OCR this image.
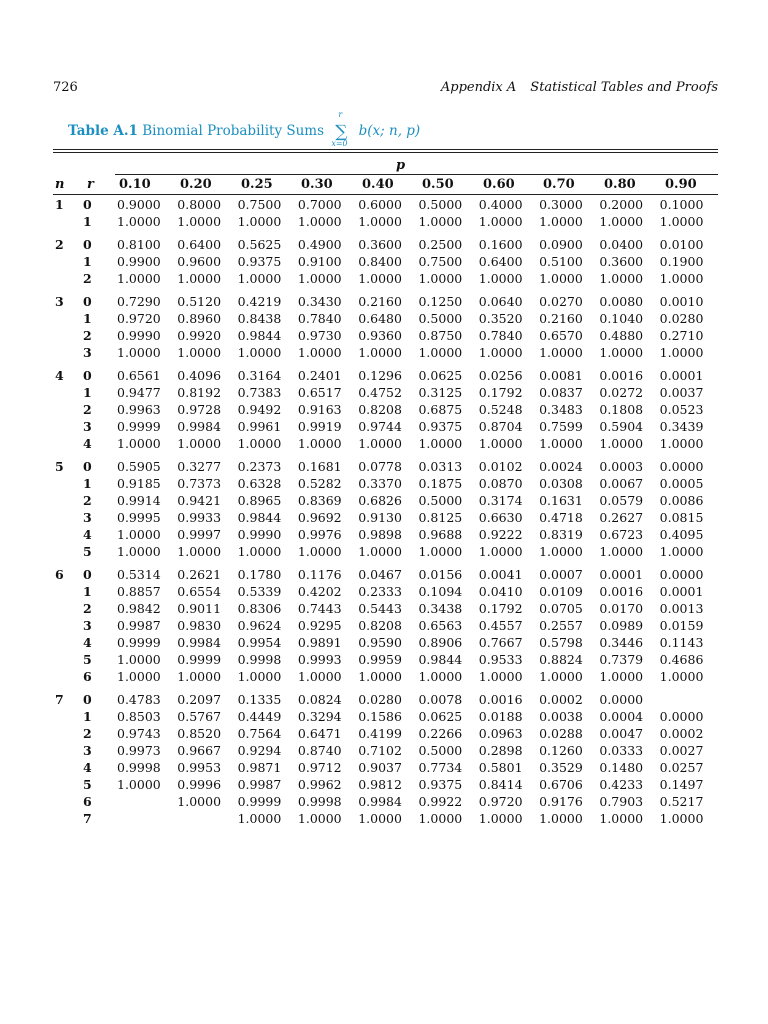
726	Appendix A Statistical Tables and Proofs
Table A.1 Binomial Probability Sums ∑
r
x=0
b(x; n, p)
p
n r 0.10 0.20 0.25 0.30 0.40 0.50 0.60 0.70 0.80 0.90
1	0	0.9000	0.8000	0.7500	0.7000	0.6000	0.5000	0.4000	0.3000	0.2000	0.1000
	1	1.0000	1.0000	1.0000	1.0000	1.0000	1.0000	1.0000	1.0000	1.0000	1.0000

2	0	0.8100	0.6400	0.5625	0.4900	0.3600	0.2500	0.1600	0.0900	0.0400	0.0100
	1	0.9900	0.9600	0.9375	0.9100	0.8400	0.7500	0.6400	0.5100	0.3600	0.1900
	2	1.0000	1.0000	1.0000	1.0000	1.0000	1.0000	1.0000	1.0000	1.0000	1.0000

3	0	0.7290	0.5120	0.4219	0.3430	0.2160	0.1250	0.0640	0.0270	0.0080	0.0010
	1	0.9720	0.8960	0.8438	0.7840	0.6480	0.5000	0.3520	0.2160	0.1040	0.0280
	2	0.9990	0.9920	0.9844	0.9730	0.9360	0.8750	0.7840	0.6570	0.4880	0.2710
	3	1.0000	1.0000	1.0000	1.0000	1.0000	1.0000	1.0000	1.0000	1.0000	1.0000

4	0	0.6561	0.4096	0.3164	0.2401	0.1296	0.0625	0.0256	0.0081	0.0016	0.0001
	1	0.9477	0.8192	0.7383	0.6517	0.4752	0.3125	0.1792	0.0837	0.0272	0.0037
	2	0.9963	0.9728	0.9492	0.9163	0.8208	0.6875	0.5248	0.3483	0.1808	0.0523
	3	0.9999	0.9984	0.9961	0.9919	0.9744	0.9375	0.8704	0.7599	0.5904	0.3439
	4	1.0000	1.0000	1.0000	1.0000	1.0000	1.0000	1.0000	1.0000	1.0000	1.0000

5	0	0.5905	0.3277	0.2373	0.1681	0.0778	0.0313	0.0102	0.0024	0.0003	0.0000
	1	0.9185	0.7373	0.6328	0.5282	0.3370	0.1875	0.0870	0.0308	0.0067	0.0005
	2	0.9914	0.9421	0.8965	0.8369	0.6826	0.5000	0.3174	0.1631	0.0579	0.0086
	3	0.9995	0.9933	0.9844	0.9692	0.9130	0.8125	0.6630	0.4718	0.2627	0.0815
	4	1.0000	0.9997	0.9990	0.9976	0.9898	0.9688	0.9222	0.8319	0.6723	0.4095
	5	1.0000	1.0000	1.0000	1.0000	1.0000	1.0000	1.0000	1.0000	1.0000	1.0000

6	0	0.5314	0.2621	0.1780	0.1176	0.0467	0.0156	0.0041	0.0007	0.0001	0.0000
	1	0.8857	0.6554	0.5339	0.4202	0.2333	0.1094	0.0410	0.0109	0.0016	0.0001
	2	0.9842	0.9011	0.8306	0.7443	0.5443	0.3438	0.1792	0.0705	0.0170	0.0013
	3	0.9987	0.9830	0.9624	0.9295	0.8208	0.6563	0.4557	0.2557	0.0989	0.0159
	4	0.9999	0.9984	0.9954	0.9891	0.9590	0.8906	0.7667	0.5798	0.3446	0.1143
	5	1.0000	0.9999	0.9998	0.9993	0.9959	0.9844	0.9533	0.8824	0.7379	0.4686
	6	1.0000	1.0000	1.0000	1.0000	1.0000	1.0000	1.0000	1.0000	1.0000	1.0000

7	0	0.4783	0.2097	0.1335	0.0824	0.0280	0.0078	0.0016	0.0002	0.0000	
	1	0.8503	0.5767	0.4449	0.3294	0.1586	0.0625	0.0188	0.0038	0.0004	0.0000
	2	0.9743	0.8520	0.7564	0.6471	0.4199	0.2266	0.0963	0.0288	0.0047	0.0002
	3	0.9973	0.9667	0.9294	0.8740	0.7102	0.5000	0.2898	0.1260	0.0333	0.0027
	4	0.9998	0.9953	0.9871	0.9712	0.9037	0.7734	0.5801	0.3529	0.1480	0.0257
	5	1.0000	0.9996	0.9987	0.9962	0.9812	0.9375	0.8414	0.6706	0.4233	0.1497
	6		1.0000	0.9999	0.9998	0.9984	0.9922	0.9720	0.9176	0.7903	0.5217
	7			1.0000	1.0000	1.0000	1.0000	1.0000	1.0000	1.0000	1.0000
